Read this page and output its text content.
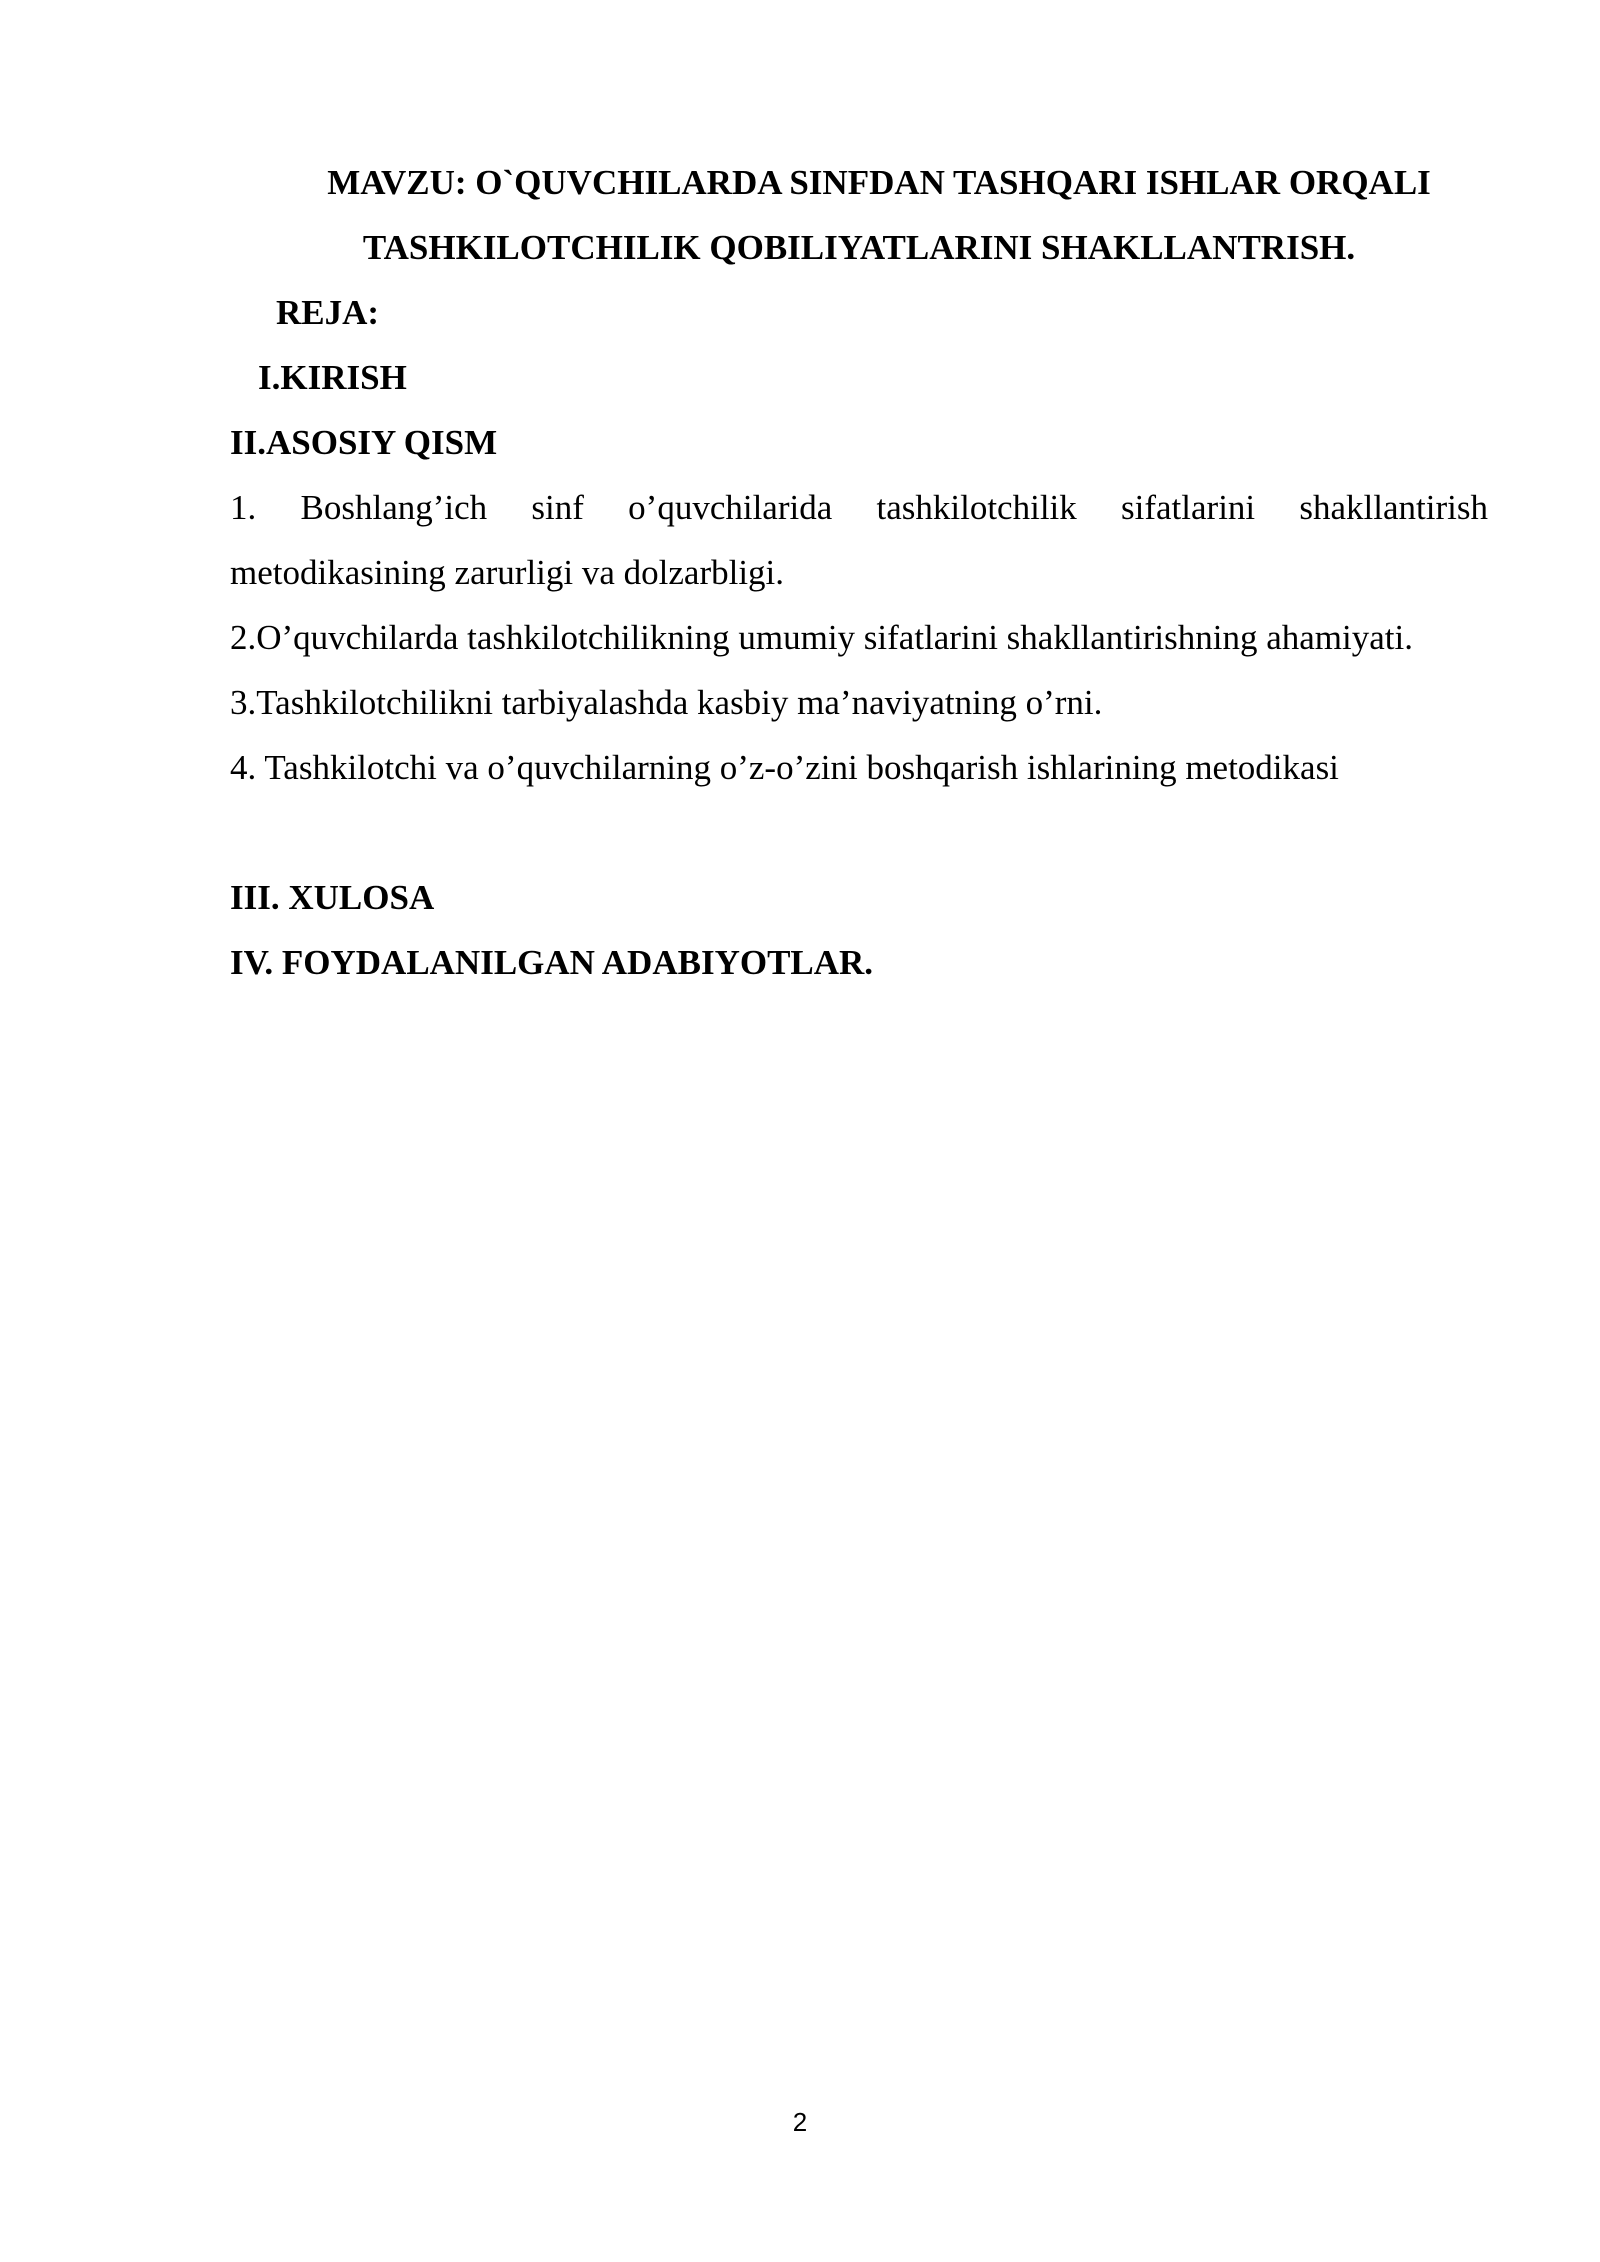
MAVZU: O`QUVCHILARDA SINFDAN TASHQARI ISHLAR ORQALI
TASHKILOTCHILIK QOBILIYATLARINI SHAKLLANTRISH.
REJA:
I.KIRISH
II.ASOSIY QISM
1. Boshlang’ich sinf o’quvchilarida tashkilotchilik sifatlarini shakllantirish metodikasining zarurligi va dolzarbligi.
2.O’quvchilarda tashkilotchilikning umumiy sifatlarini shakllantirishning ahamiyati.
3.Tashkilotchilikni tarbiyalashda kasbiy ma’naviyatning o’rni.
4. Tashkilotchi va o’quvchilarning o’z-o’zini boshqarish ishlarining metodikasi
III. XULOSA
IV. FOYDALANILGAN ADABIYOTLAR.
2
